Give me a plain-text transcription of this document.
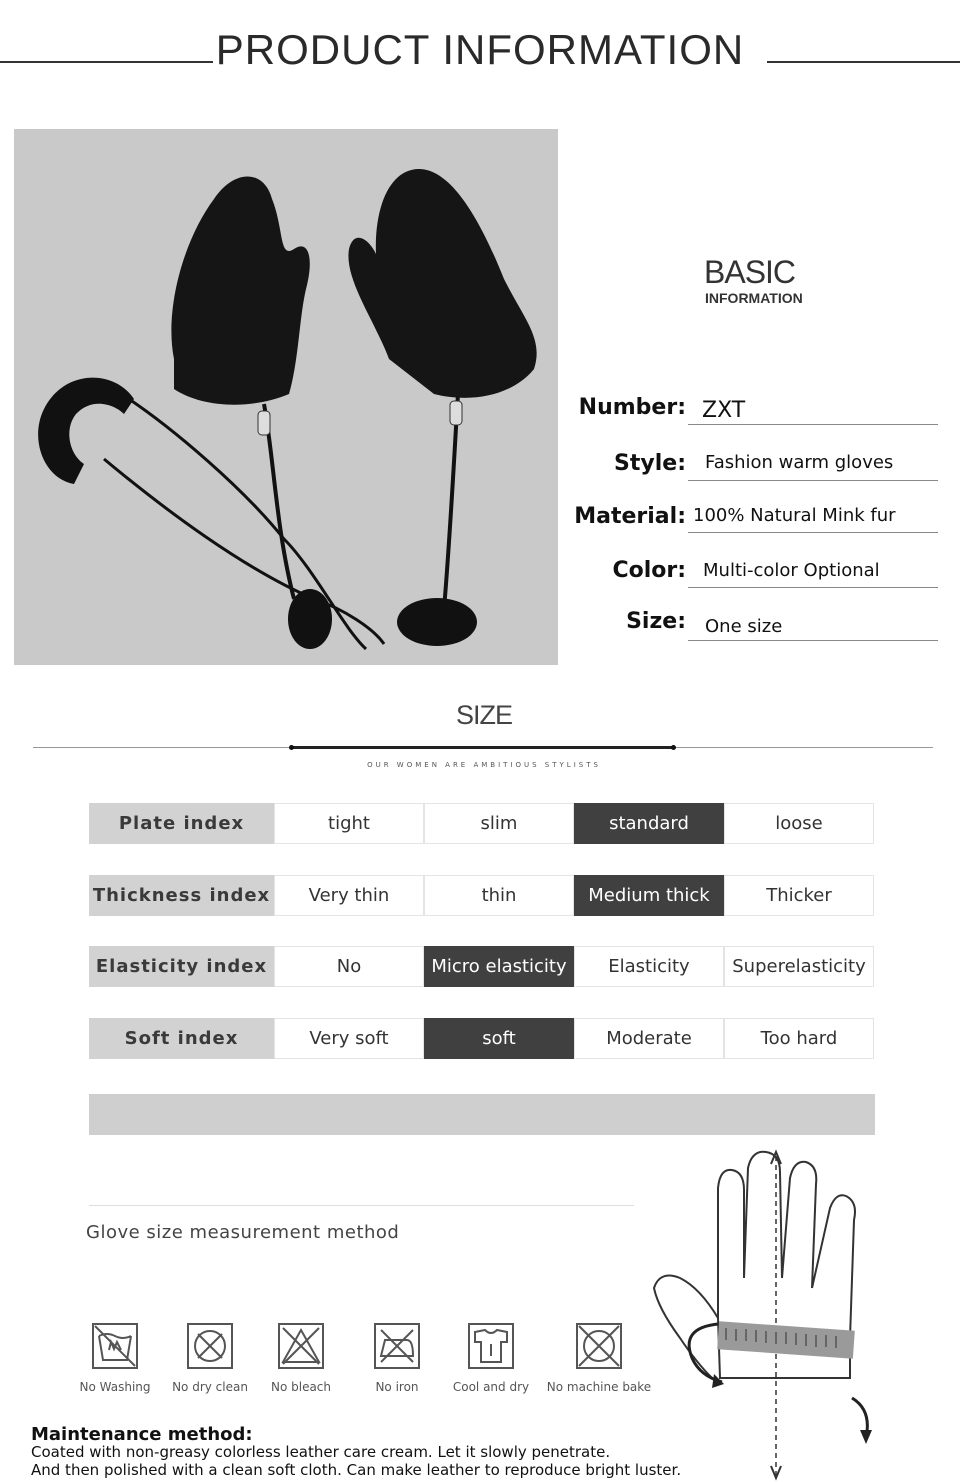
PRODUCT INFORMATION
BASIC
INFORMATION
Number: ZXT
Style: Fashion warm gloves
Material: 100% Natural Mink fur
Color: Multi-color Optional
Size: One size
SIZE
OUR WOMEN ARE AMBITIOUS STYLISTS
Plate index	tight	slim	standard	loose
Thickness index	Very thin	thin	Medium thick	Thicker
Elasticity index	No	Micro elasticity	Elasticity	Superelasticity
Soft index	Very soft	soft	Moderate	Too hard
Glove size measurement method
No Washing	No dry clean	No bleach	No iron	Cool and dry No machine bake
Maintenance method:
Coated with non-greasy colorless leather care cream. Let it slowly penetrate.
And then polished with a clean soft cloth. Can make leather to reproduce bright luster.
